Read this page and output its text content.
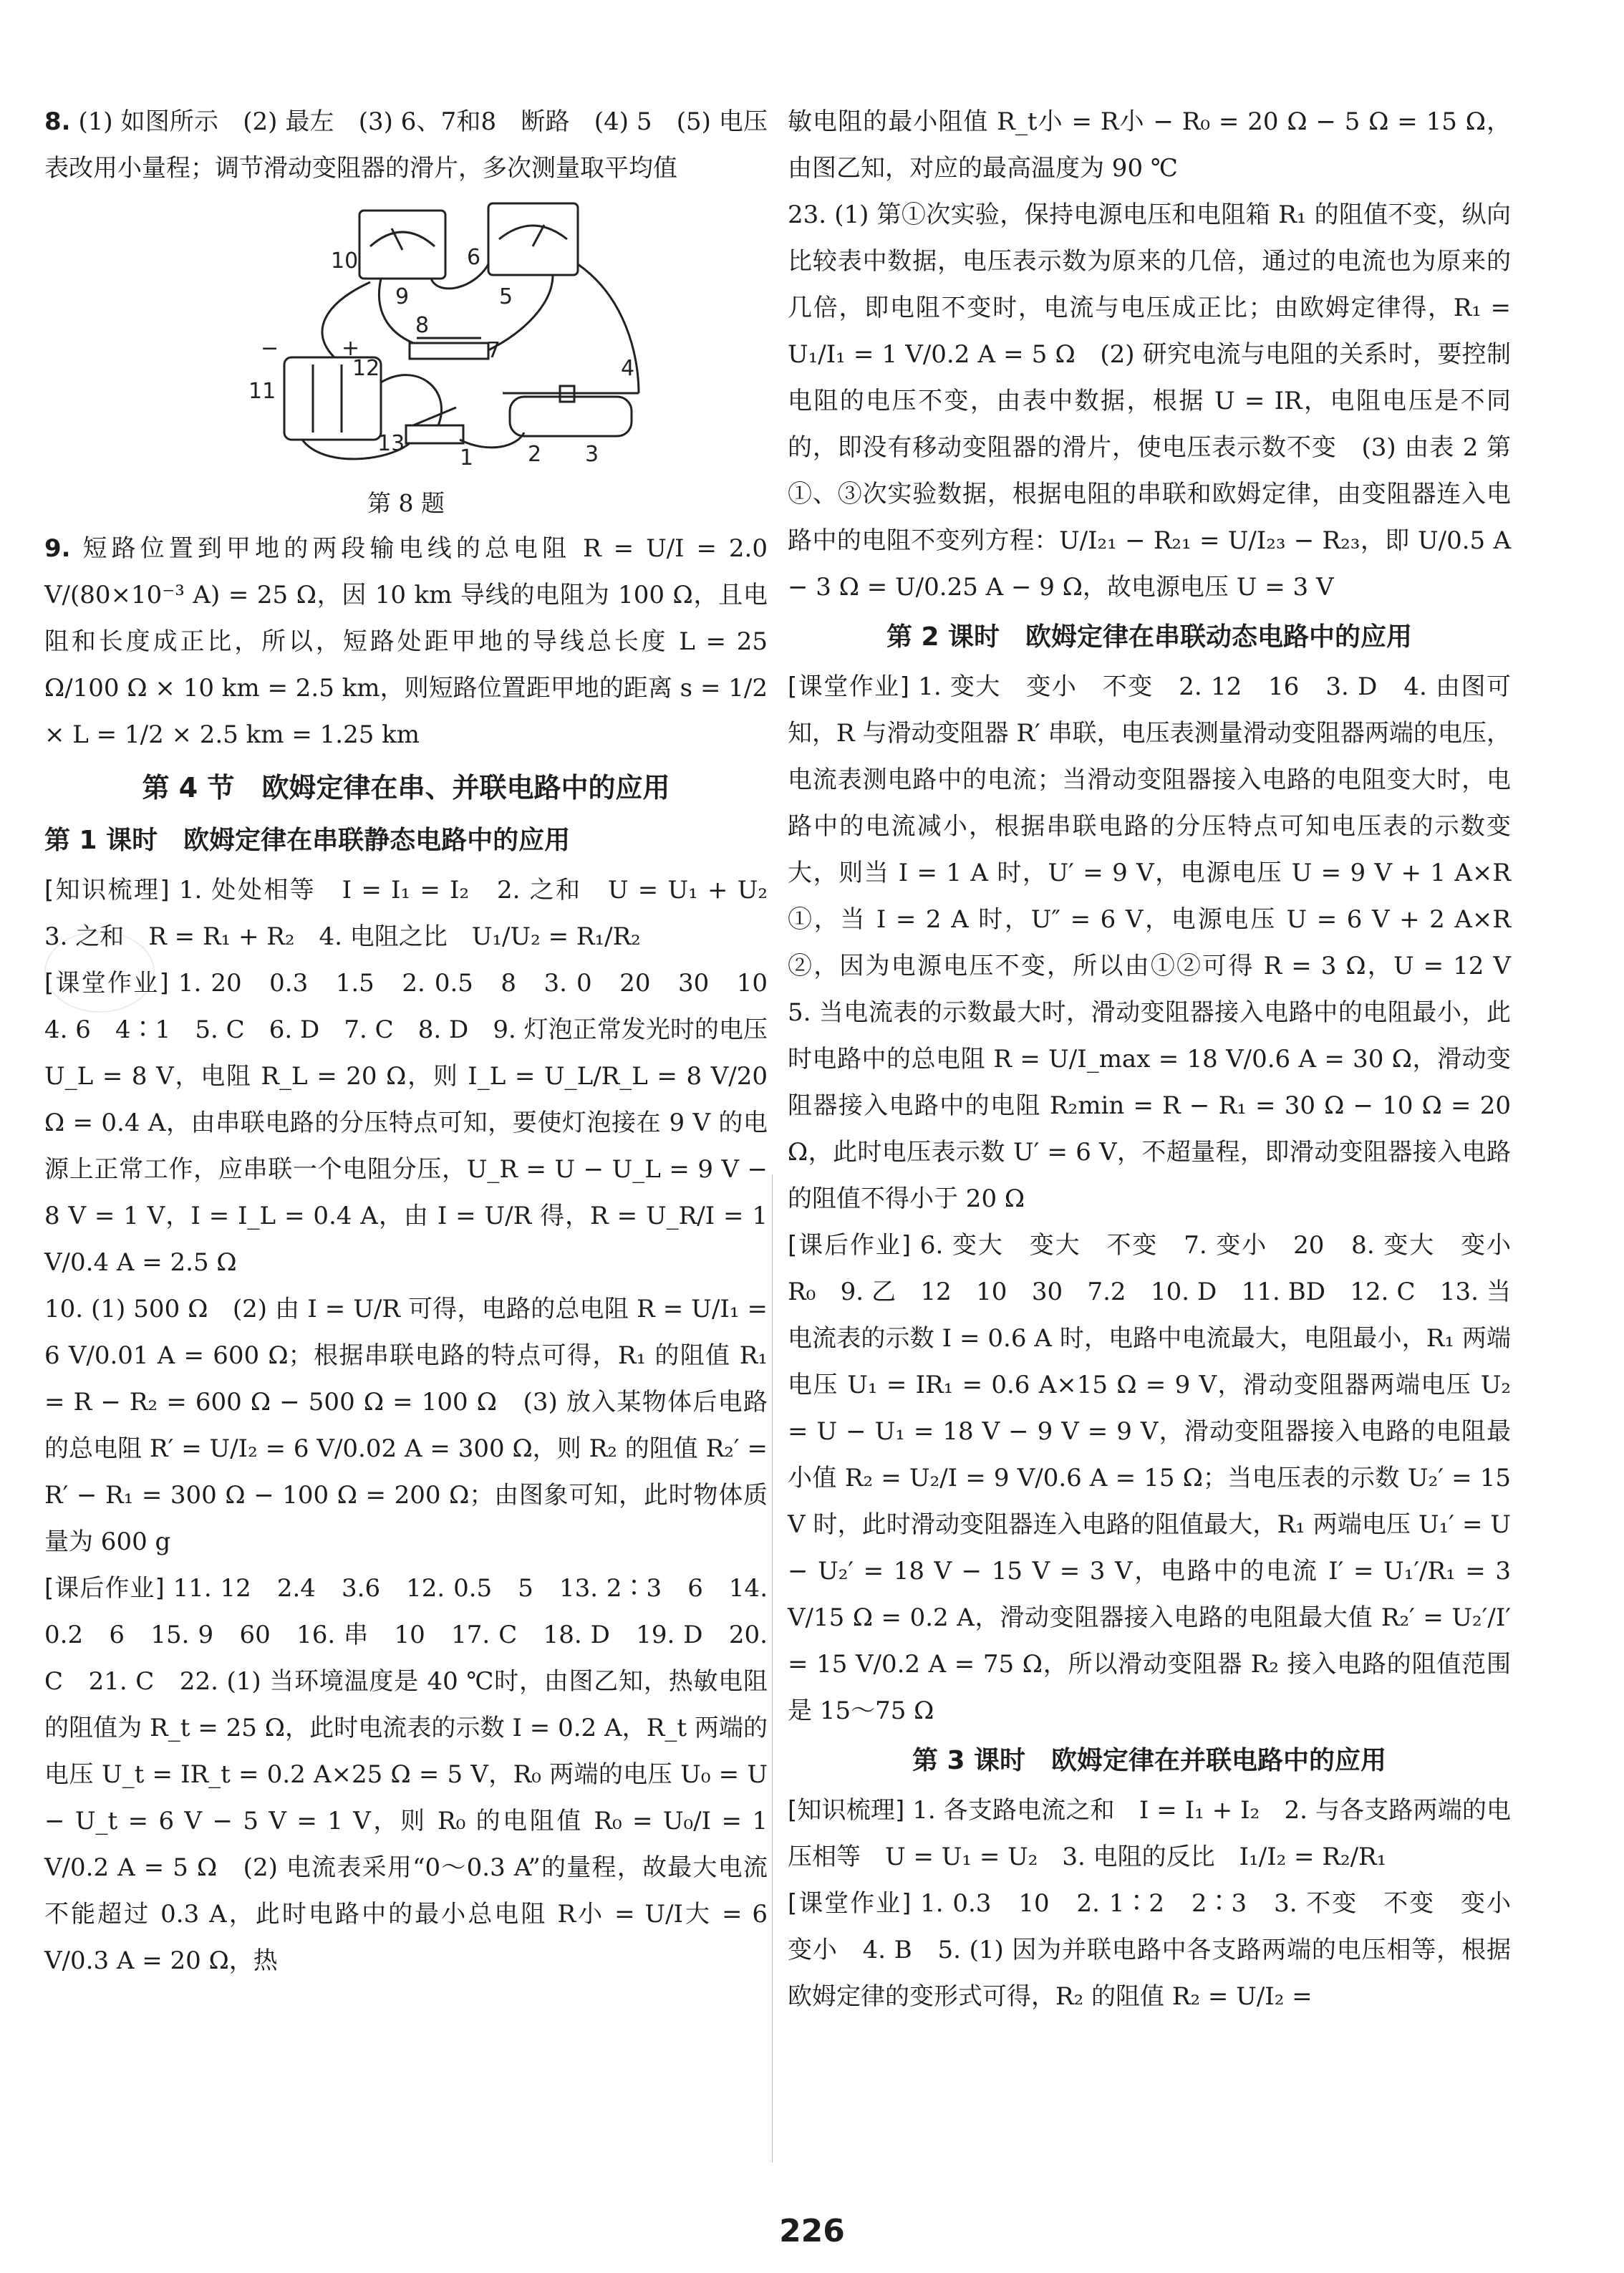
8. (1) 如图所示　(2) 最左　(3) 6、7和8　断路　(4) 5　(5) 电压表改用小量程；调节滑动变阻器的滑片，多次测量取平均值

10
9
6
5
8
7
+
12
−
11
13
1	2 3
4
第 8 题

9. 短路位置到甲地的两段输电线的总电阻 R = U/I = 2.0 V/(80×10⁻³ A) = 25 Ω，因 10 km 导线的电阻为 100 Ω，且电阻和长度成正比，所以，短路处距甲地的导线总长度 L = 25 Ω/100 Ω × 10 km = 2.5 km，则短路位置距甲地的距离 s = 1/2 × L = 1/2 × 2.5 km = 1.25 km

第 4 节　欧姆定律在串、并联电路中的应用
第 1 课时　欧姆定律在串联静态电路中的应用

[知识梳理] 1. 处处相等　I = I₁ = I₂　2. 之和　U = U₁ + U₂　3. 之和　R = R₁ + R₂　4. 电阻之比　U₁/U₂ = R₁/R₂

[课堂作业] 1. 20　0.3　1.5　2. 0.5　8　3. 0　20　30　10　4. 6　4∶1　5. C　6. D　7. C　8. D　9. 灯泡正常发光时的电压 U_L = 8 V，电阻 R_L = 20 Ω，则 I_L = U_L/R_L = 8 V/20 Ω = 0.4 A，由串联电路的分压特点可知，要使灯泡接在 9 V 的电源上正常工作，应串联一个电阻分压，U_R = U − U_L = 9 V − 8 V = 1 V，I = I_L = 0.4 A，由 I = U/R 得，R = U_R/I = 1 V/0.4 A = 2.5 Ω

10. (1) 500 Ω　(2) 由 I = U/R 可得，电路的总电阻 R = U/I₁ = 6 V/0.01 A = 600 Ω；根据串联电路的特点可得，R₁ 的阻值 R₁ = R − R₂ = 600 Ω − 500 Ω = 100 Ω　(3) 放入某物体后电路的总电阻 R′ = U/I₂ = 6 V/0.02 A = 300 Ω，则 R₂ 的阻值 R₂′ = R′ − R₁ = 300 Ω − 100 Ω = 200 Ω；由图象可知，此时物体质量为 600 g

[课后作业] 11. 12　2.4　3.6　12. 0.5　5　13. 2∶3　6　14. 0.2　6　15. 9　60　16. 串　10　17. C　18. D　19. D　20. C　21. C　22. (1) 当环境温度是 40 ℃时，由图乙知，热敏电阻的阻值为 R_t = 25 Ω，此时电流表的示数 I = 0.2 A，R_t 两端的电压 U_t = IR_t = 0.2 A×25 Ω = 5 V，R₀ 两端的电压 U₀ = U − U_t = 6 V − 5 V = 1 V，则 R₀ 的电阻值 R₀ = U₀/I = 1 V/0.2 A = 5 Ω　(2) 电流表采用“0～0.3 A”的量程，故最大电流不能超过 0.3 A，此时电路中的最小总电阻 R小 = U/I大 = 6 V/0.3 A = 20 Ω，热

敏电阻的最小阻值 R_t小 = R小 − R₀ = 20 Ω − 5 Ω = 15 Ω，由图乙知，对应的最高温度为 90 ℃

23. (1) 第①次实验，保持电源电压和电阻箱 R₁ 的阻值不变，纵向比较表中数据，电压表示数为原来的几倍，通过的电流也为原来的几倍，即电阻不变时，电流与电压成正比；由欧姆定律得，R₁ = U₁/I₁ = 1 V/0.2 A = 5 Ω　(2) 研究电流与电阻的关系时，要控制电阻的电压不变，由表中数据，根据 U = IR，电阻电压是不同的，即没有移动变阻器的滑片，使电压表示数不变　(3) 由表 2 第①、③次实验数据，根据电阻的串联和欧姆定律，由变阻器连入电路中的电阻不变列方程：U/I₂₁ − R₂₁ = U/I₂₃ − R₂₃，即 U/0.5 A − 3 Ω = U/0.25 A − 9 Ω，故电源电压 U = 3 V

第 2 课时　欧姆定律在串联动态电路中的应用

[课堂作业] 1. 变大　变小　不变　2. 12　16　3. D　4. 由图可知，R 与滑动变阻器 R′ 串联，电压表测量滑动变阻器两端的电压，电流表测电路中的电流；当滑动变阻器接入电路的电阻变大时，电路中的电流减小，根据串联电路的分压特点可知电压表的示数变大，则当 I = 1 A 时，U′ = 9 V，电源电压 U = 9 V + 1 A×R　①，当 I = 2 A 时，U″ = 6 V，电源电压 U = 6 V + 2 A×R　②，因为电源电压不变，所以由①②可得 R = 3 Ω，U = 12 V　5. 当电流表的示数最大时，滑动变阻器接入电路中的电阻最小，此时电路中的总电阻 R = U/I_max = 18 V/0.6 A = 30 Ω，滑动变阻器接入电路中的电阻 R₂min = R − R₁ = 30 Ω − 10 Ω = 20 Ω，此时电压表示数 U′ = 6 V，不超量程，即滑动变阻器接入电路的阻值不得小于 20 Ω

[课后作业] 6. 变大　变大　不变　7. 变小　20　8. 变大　变小　R₀　9. 乙　12　10　30　7.2　10. D　11. BD　12. C　13. 当电流表的示数 I = 0.6 A 时，电路中电流最大，电阻最小，R₁ 两端电压 U₁ = IR₁ = 0.6 A×15 Ω = 9 V，滑动变阻器两端电压 U₂ = U − U₁ = 18 V − 9 V = 9 V，滑动变阻器接入电路的电阻最小值 R₂ = U₂/I = 9 V/0.6 A = 15 Ω；当电压表的示数 U₂′ = 15 V 时，此时滑动变阻器连入电路的阻值最大，R₁ 两端电压 U₁′ = U − U₂′ = 18 V − 15 V = 3 V，电路中的电流 I′ = U₁′/R₁ = 3 V/15 Ω = 0.2 A，滑动变阻器接入电路的电阻最大值 R₂′ = U₂′/I′ = 15 V/0.2 A = 75 Ω，所以滑动变阻器 R₂ 接入电路的阻值范围是 15～75 Ω

第 3 课时　欧姆定律在并联电路中的应用

[知识梳理] 1. 各支路电流之和　I = I₁ + I₂　2. 与各支路两端的电压相等　U = U₁ = U₂　3. 电阻的反比　I₁/I₂ = R₂/R₁

[课堂作业] 1. 0.3　10　2. 1∶2　2∶3　3. 不变　不变　变小　变小　4. B　5. (1) 因为并联电路中各支路两端的电压相等，根据欧姆定律的变形式可得，R₂ 的阻值 R₂ = U/I₂ =

226
